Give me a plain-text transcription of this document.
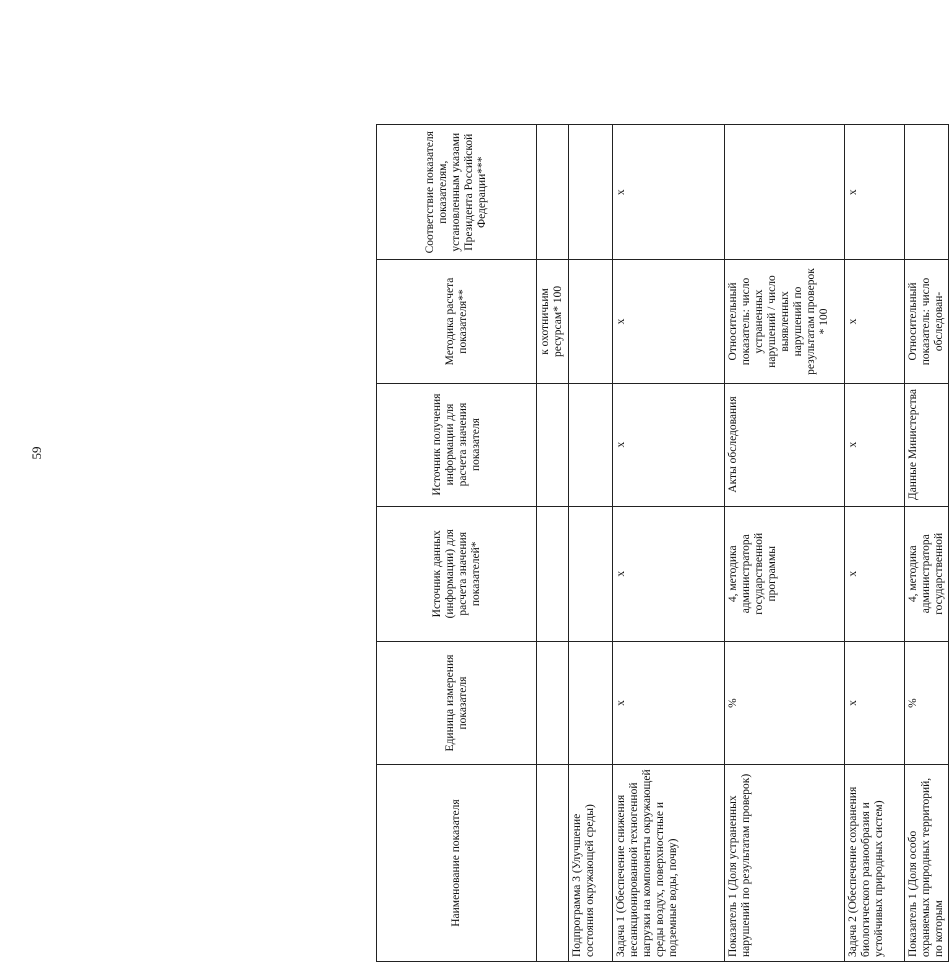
59
Наименование показателя	Единица измерения показателя	Источник данных (информации) для расчета значения показателей*	Источник получения информации для расчета значения показателя	Методика расчета показателя**	Соответствие показателя показателям, установленным указами Президента Российской Федерации***
				к охотничьим ресурсам* 100	
Подпрограмма 3 (Улучшение состояния окружающей среды)					
Задача 1 (Обеспечение снижения несанкционированной техногенной нагрузки на компоненты окружающей среды воздух, поверхностные и подземные воды, почву)	х	х	х	х	х
Показатель 1 (Доля устраненных нарушений по результатам проверок)	%	4, методика администратора государственной программы	Акты обследования	Относительный показатель: число устраненных нарушений / число выявленных нарушений по результатам проверок * 100	
Задача 2 (Обеспечение сохранения биологического разнообразия и устойчивых природных систем)	х	х	х	х	х
Показатель 1 (Доля особо охраняемых природных территорий, по которым	%	4, методика администратора государственной	Данные Министерства	Относительный показатель: число обследован-	
